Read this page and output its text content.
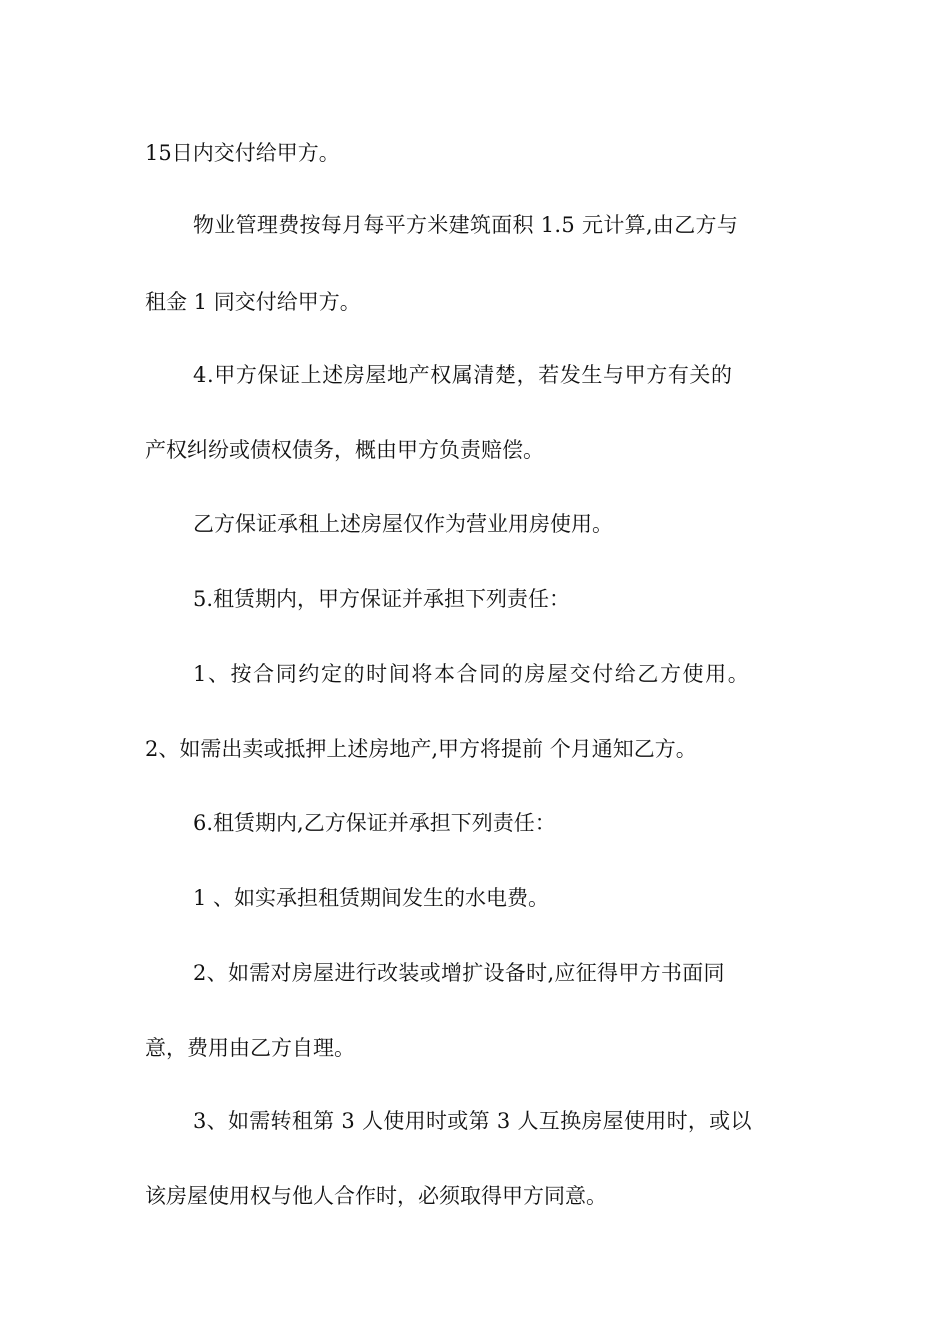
15日内交付给甲方。
物业管理费按每月每平方米建筑面积 1.5 元计算,由乙方与
租金 1 同交付给甲方。
4.甲方保证上述房屋地产权属清楚，若发生与甲方有关的
产权纠纷或债权债务，概由甲方负责赔偿。
乙方保证承租上述房屋仅作为营业用房使用。
5.租赁期内，甲方保证并承担下列责任：
1、按合同约定的时间将本合同的房屋交付给乙方使用。
2、如需出卖或抵押上述房地产,甲方将提前 个月通知乙方。
6.租赁期内,乙方保证并承担下列责任：
1 、如实承担租赁期间发生的水电费。
2、如需对房屋进行改装或增扩设备时,应征得甲方书面同
意，费用由乙方自理。
3、如需转租第 3 人使用时或第 3 人互换房屋使用时，或以
该房屋使用权与他人合作时，必须取得甲方同意。
